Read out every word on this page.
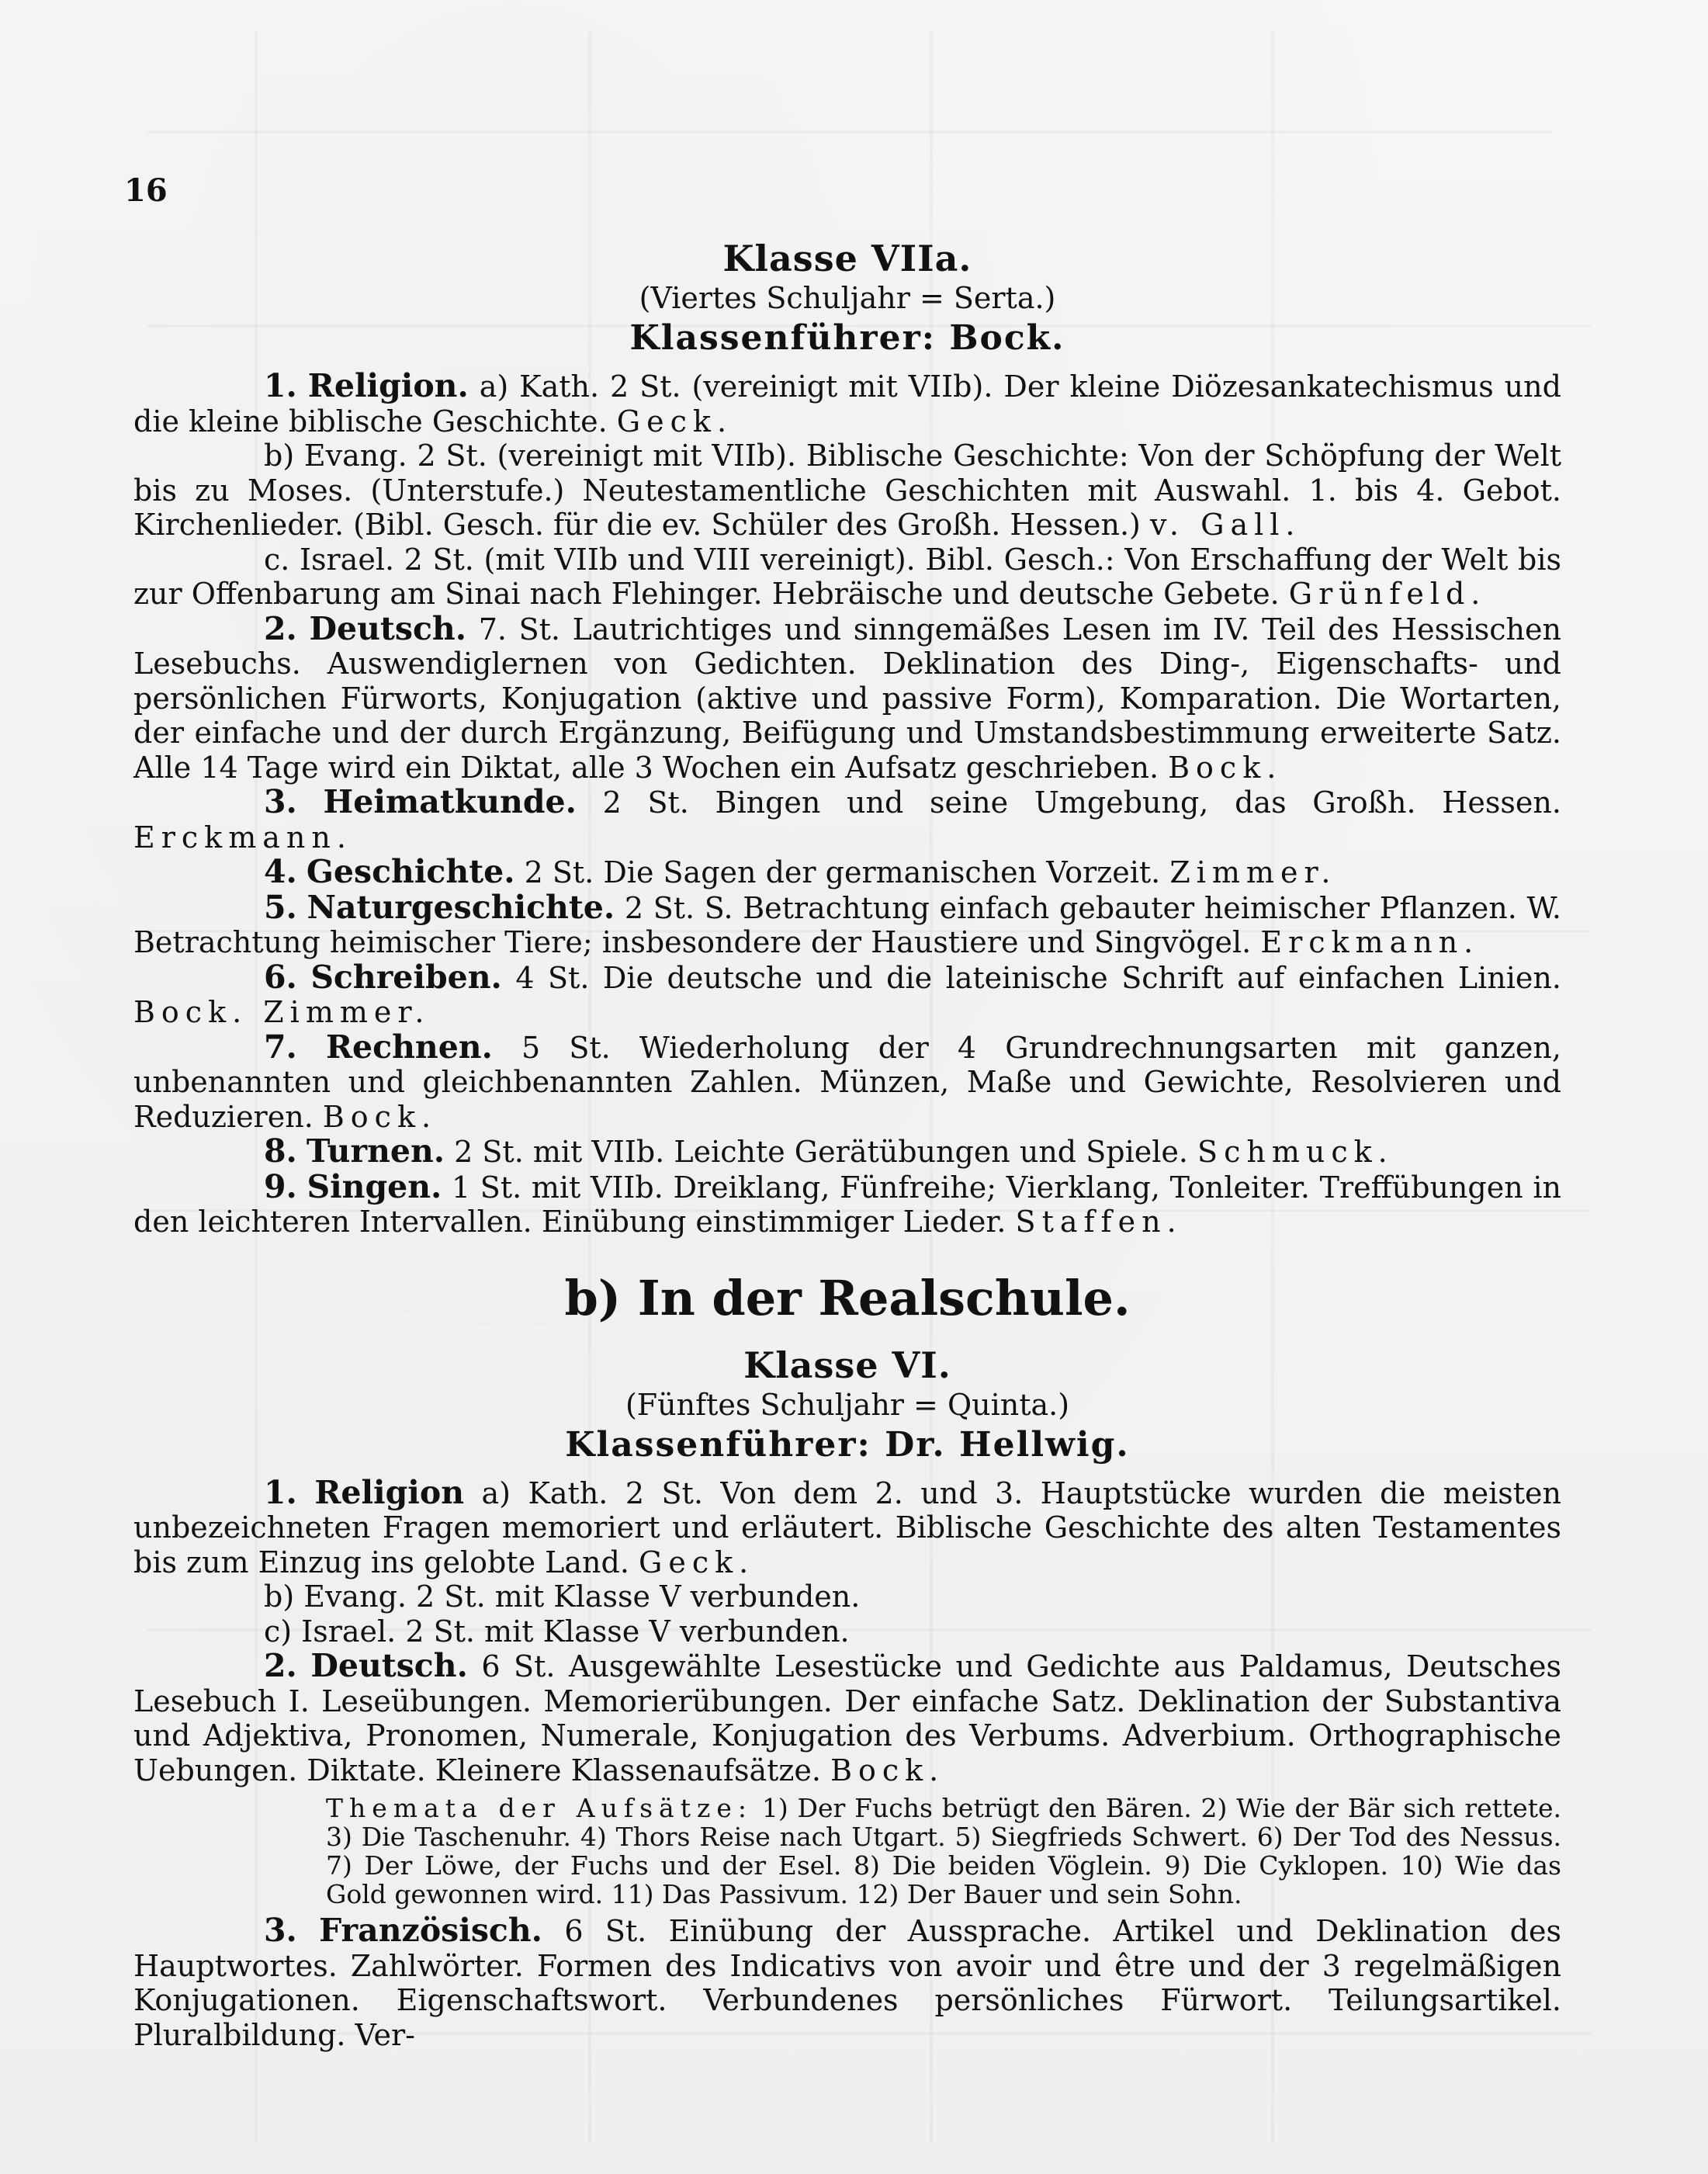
16
Klasse VIIa.
(Viertes Schuljahr = Serta.)
Klassenführer: Bock.

1. Religion. a) Kath. 2 St. (vereinigt mit VIIb). Der kleine Diözesankatechismus und die kleine biblische Geschichte. Geck.

b) Evang. 2 St. (vereinigt mit VIIb). Biblische Geschichte: Von der Schöpfung der Welt bis zu Moses. (Unterstufe.) Neutestamentliche Geschichten mit Auswahl. 1. bis 4. Gebot. Kirchenlieder. (Bibl. Gesch. für die ev. Schüler des Großh. Hessen.) v. Gall.

c. Israel. 2 St. (mit VIIb und VIII vereinigt). Bibl. Gesch.: Von Erschaffung der Welt bis zur Offenbarung am Sinai nach Flehinger. Hebräische und deutsche Gebete. Grünfeld.

2. Deutsch. 7. St. Lautrichtiges und sinngemäßes Lesen im IV. Teil des Hessischen Lesebuchs. Auswendiglernen von Gedichten. Deklination des Ding-, Eigenschafts- und persönlichen Fürworts, Konjugation (aktive und passive Form), Komparation. Die Wortarten, der einfache und der durch Ergänzung, Beifügung und Umstandsbestimmung erweiterte Satz. Alle 14 Tage wird ein Diktat, alle 3 Wochen ein Aufsatz geschrieben. Bock.

3. Heimatkunde. 2 St. Bingen und seine Umgebung, das Großh. Hessen. Erckmann.

4. Geschichte. 2 St. Die Sagen der germanischen Vorzeit. Zimmer.

5. Naturgeschichte. 2 St. S. Betrachtung einfach gebauter heimischer Pflanzen. W. Betrachtung heimischer Tiere; insbesondere der Haustiere und Singvögel. Erckmann.

6. Schreiben. 4 St. Die deutsche und die lateinische Schrift auf einfachen Linien. Bock. Zimmer.

7. Rechnen. 5 St. Wiederholung der 4 Grundrechnungsarten mit ganzen, unbenannten und gleichbenannten Zahlen. Münzen, Maße und Gewichte, Resolvieren und Reduzieren. Bock.

8. Turnen. 2 St. mit VIIb. Leichte Gerätübungen und Spiele. Schmuck.

9. Singen. 1 St. mit VIIb. Dreiklang, Fünfreihe; Vierklang, Tonleiter. Treffübungen in den leichteren Intervallen. Einübung einstimmiger Lieder. Staffen.

b) In der Realschule.
Klasse VI.
(Fünftes Schuljahr = Quinta.)
Klassenführer: Dr. Hellwig.

1. Religion a) Kath. 2 St. Von dem 2. und 3. Hauptstücke wurden die meisten unbezeichneten Fragen memoriert und erläutert. Biblische Geschichte des alten Testamentes bis zum Einzug ins gelobte Land. Geck.

b) Evang. 2 St. mit Klasse V verbunden.

c) Israel. 2 St. mit Klasse V verbunden.

2. Deutsch. 6 St. Ausgewählte Lesestücke und Gedichte aus Paldamus, Deutsches Lesebuch I. Leseübungen. Memorierübungen. Der einfache Satz. Deklination der Substantiva und Adjektiva, Pronomen, Numerale, Konjugation des Verbums. Adverbium. Orthographische Uebungen. Diktate. Kleinere Klassenaufsätze. Bock.

Themata der Aufsätze: 1) Der Fuchs betrügt den Bären. 2) Wie der Bär sich rettete. 3) Die Taschenuhr. 4) Thors Reise nach Utgart. 5) Siegfrieds Schwert. 6) Der Tod des Nessus. 7) Der Löwe, der Fuchs und der Esel. 8) Die beiden Vöglein. 9) Die Cyklopen. 10) Wie das Gold gewonnen wird. 11) Das Passivum. 12) Der Bauer und sein Sohn.

3. Französisch. 6 St. Einübung der Aussprache. Artikel und Deklination des Hauptwortes. Zahlwörter. Formen des Indicativs von avoir und être und der 3 regelmäßigen Konjugationen. Eigenschaftswort. Verbundenes persönliches Fürwort. Teilungsartikel. Pluralbildung. Ver-
